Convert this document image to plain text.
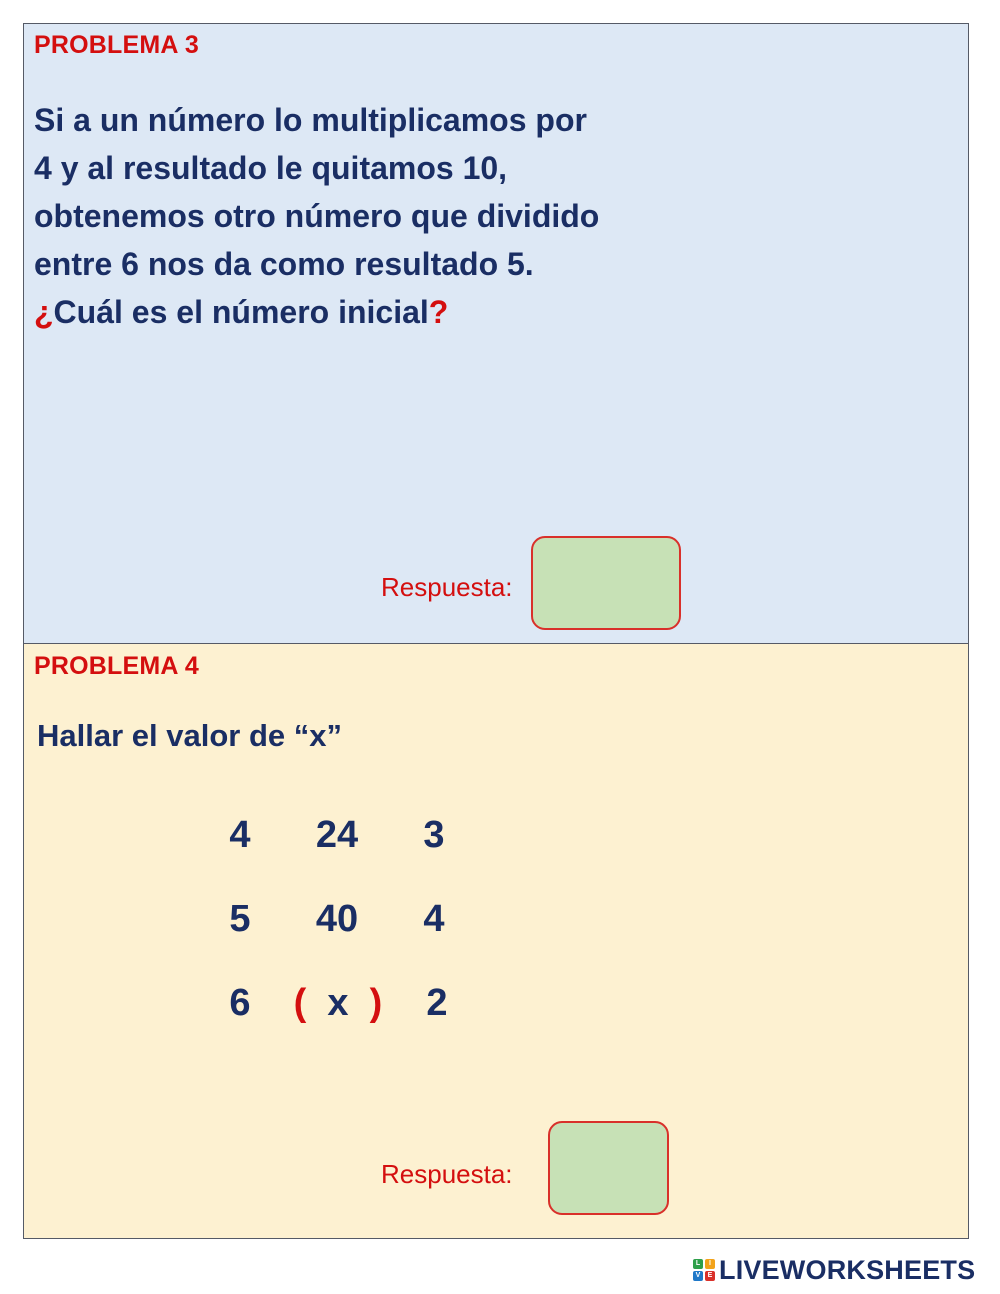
PROBLEMA 3
Si a un número lo multiplicamos por
4 y al resultado le quitamos 10,
obtenemos otro número que dividido
entre 6 nos da como resultado 5.
¿Cuál es el número inicial?
Respuesta:
PROBLEMA 4
Hallar el valor de “x”
4 24 3
5 40 4
6 ( x ) 2
Respuesta:
L	I
V	E LIVEWORKSHEETS
